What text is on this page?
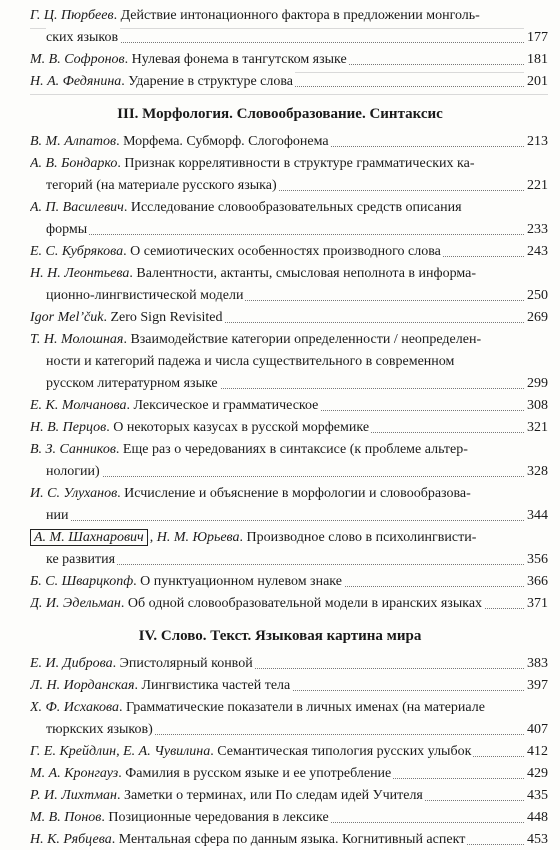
Г. Ц. Пюрбеев. Действие интонационного фактора в предложении монголь-
ских языков	177
М. В. Софронов. Нулевая фонема в тангутском языке	181
Н. А. Федянина. Ударение в структуре слова	201
III. Морфология. Словообразование. Синтаксис
В. М. Алпатов. Морфема. Субморф. Слогофонема	213
А. В. Бондарко. Признак коррелятивности в структуре грамматических ка-
тегорий (на материале русского языка)	221
А. П. Василевич. Исследование словообразовательных средств описания
формы	233
Е. С. Кубрякова. О семиотических особенностях производного слова	243
Н. Н. Леонтьева. Валентности, актанты, смысловая неполнота в информа-
ционно-лингвистической модели	250
Igor Mel’čuk. Zero Sign Revisited	269
Т. Н. Молошная. Взаимодействие категории определенности / неопределен-
ности и категорий падежа и числа существительного в современном
русском литературном языке	299
Е. К. Молчанова. Лексическое и грамматическое	308
Н. В. Перцов. О некоторых казусах в русской морфемике	321
В. З. Санников. Еще раз о чередованиях в синтаксисе (к проблеме альтер-
нологии)	328
И. С. Улуханов. Исчисление и объяснение в морфологии и словообразова-
нии	344
А. М. Шахнарович , Н. М. Юрьева. Производное слово в психолингвисти-
ке развития	356
Б. С. Шварцкопф. О пунктуационном нулевом знаке	366
Д. И. Эдельман. Об одной словообразовательной модели в иранских языках	371
IV. Слово. Текст. Языковая картина мира
Е. И. Диброва. Эпистолярный конвой	383
Л. Н. Иорданская. Лингвистика частей тела	397
Х. Ф. Исхакова. Грамматические показатели в личных именах (на материале
тюркских языков)	407
Г. Е. Крейдлин, Е. А. Чувилина. Семантическая типология русских улыбок	412
М. А. Кронгауз. Фамилия в русском языке и ее употребление	429
Р. И. Лихтман. Заметки о терминах, или По следам идей Учителя	435
М. В. Понов. Позиционные чередования в лексике	448
Н. К. Рябцева. Ментальная сфера по данным языка. Когнитивный аспект	453
